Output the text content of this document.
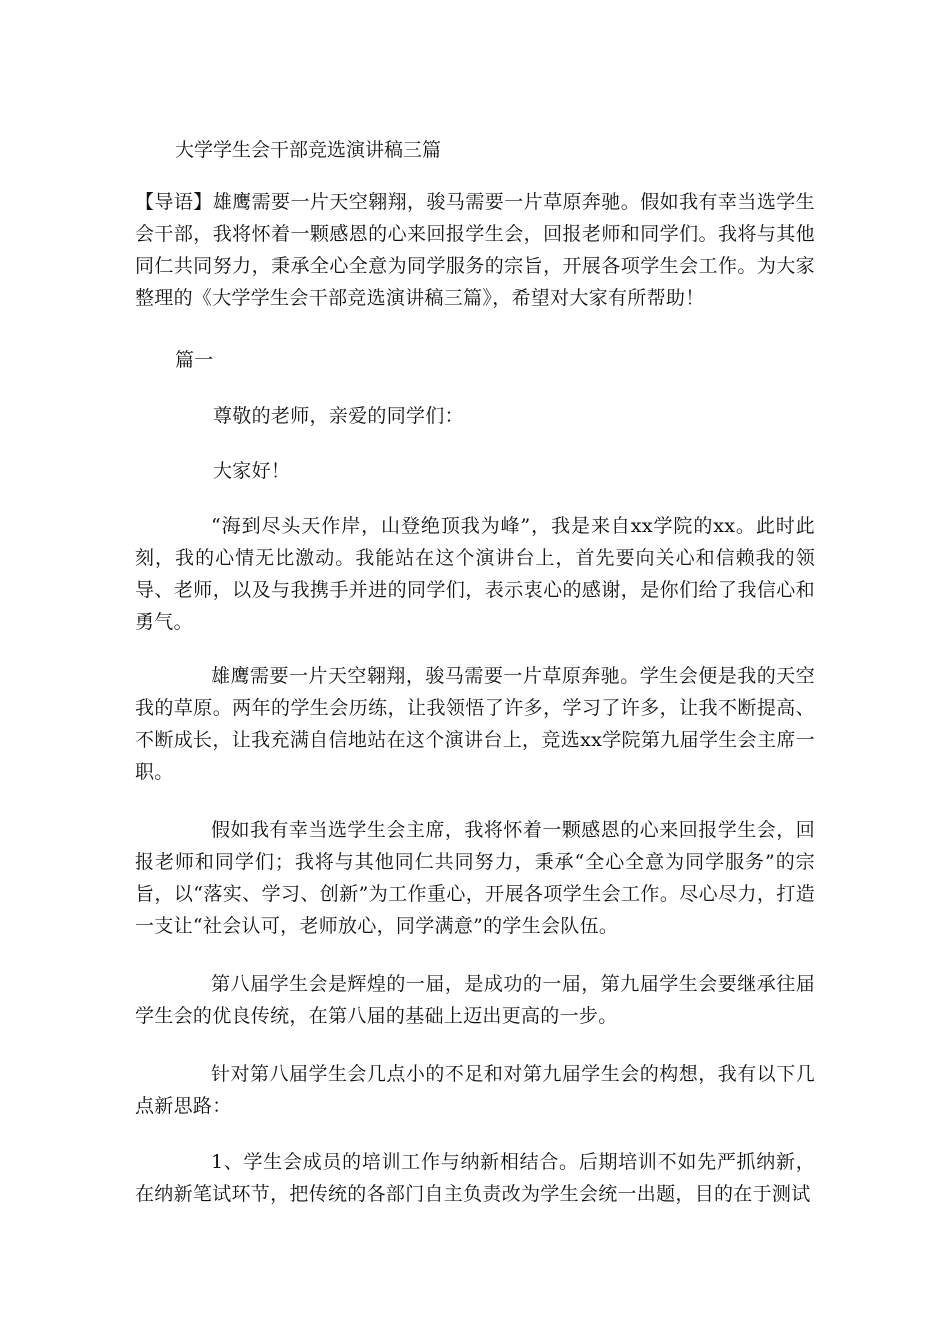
大学学生会干部竞选演讲稿三篇

【导语】雄鹰需要一片天空翱翔，骏马需要一片草原奔驰。假如我有幸当选学生会干部，我将怀着一颗感恩的心来回报学生会，回报老师和同学们。我将与其他同仁共同努力，秉承全心全意为同学服务的宗旨，开展各项学生会工作。为大家整理的《大学学生会干部竞选演讲稿三篇》，希望对大家有所帮助！

篇一

尊敬的老师，亲爱的同学们：

大家好！

“海到尽头天作岸，山登绝顶我为峰”，我是来自xx学院的xx。此时此刻，我的心情无比激动。我能站在这个演讲台上，首先要向关心和信赖我的领导、老师，以及与我携手并进的同学们，表示衷心的感谢，是你们给了我信心和勇气。

雄鹰需要一片天空翱翔，骏马需要一片草原奔驰。学生会便是我的天空我的草原。两年的学生会历练，让我领悟了许多，学习了许多，让我不断提高、不断成长，让我充满自信地站在这个演讲台上，竞选xx学院第九届学生会主席一职。

假如我有幸当选学生会主席，我将怀着一颗感恩的心来回报学生会，回报老师和同学们；我将与其他同仁共同努力，秉承“全心全意为同学服务”的宗旨，以“落实、学习、创新”为工作重心，开展各项学生会工作。尽心尽力，打造一支让“社会认可，老师放心，同学满意”的学生会队伍。

第八届学生会是辉煌的一届，是成功的一届，第九届学生会要继承往届学生会的优良传统，在第八届的基础上迈出更高的一步。

针对第八届学生会几点小的不足和对第九届学生会的构想，我有以下几点新思路：

1、学生会成员的培训工作与纳新相结合。后期培训不如先严抓纳新，在纳新笔试环节，把传统的各部门自主负责改为学生会统一出题，目的在于测试
